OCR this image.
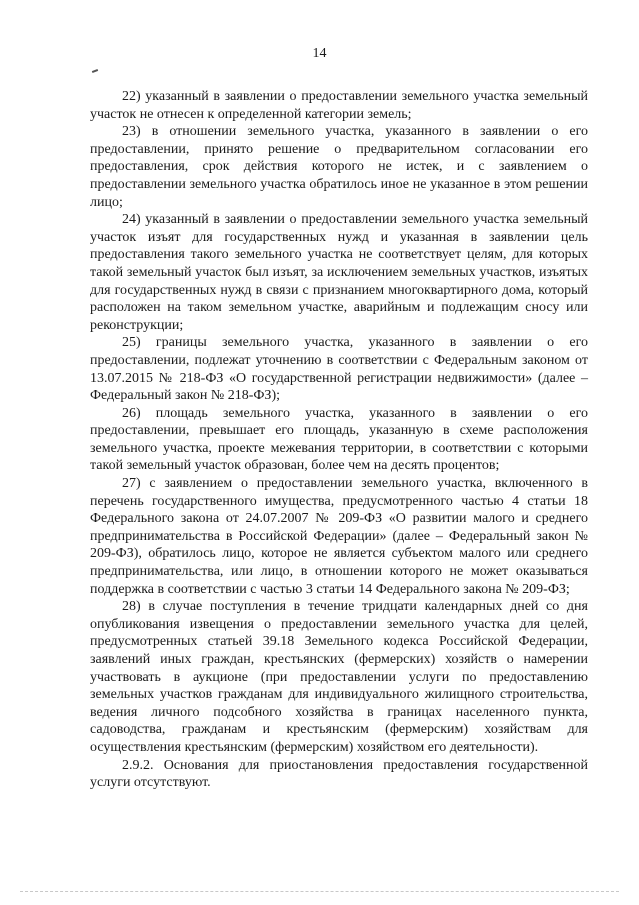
14

22) указанный в заявлении о предоставлении земельного участка земельный участок не отнесен к определенной категории земель;

23) в отношении земельного участка, указанного в заявлении о его предоставлении, принято решение о предварительном согласовании его предоставления, срок действия которого не истек, и с заявлением о предоставлении земельного участка обратилось иное не указанное в этом решении лицо;

24) указанный в заявлении о предоставлении земельного участка земельный участок изъят для государственных нужд и указанная в заявлении цель предоставления такого земельного участка не соответствует целям, для которых такой земельный участок был изъят, за исключением земельных участков, изъятых для государственных нужд в связи с признанием многоквартирного дома, который расположен на таком земельном участке, аварийным и подлежащим сносу или реконструкции;

25) границы земельного участка, указанного в заявлении о его предоставлении, подлежат уточнению в соответствии с Федеральным законом от 13.07.2015 № 218-ФЗ «О государственной регистрации недвижимости» (далее – Федеральный закон № 218-ФЗ);

26) площадь земельного участка, указанного в заявлении о его предоставлении, превышает его площадь, указанную в схеме расположения земельного участка, проекте межевания территории, в соответствии с которыми такой земельный участок образован, более чем на десять процентов;

27) с заявлением о предоставлении земельного участка, включенного в перечень государственного имущества, предусмотренного частью 4 статьи 18 Федерального закона от 24.07.2007 № 209-ФЗ «О развитии малого и среднего предпринимательства в Российской Федерации» (далее – Федеральный закон № 209-ФЗ), обратилось лицо, которое не является субъектом малого или среднего предпринимательства, или лицо, в отношении которого не может оказываться поддержка в соответствии с частью 3 статьи 14 Федерального закона № 209-ФЗ;

28) в случае поступления в течение тридцати календарных дней со дня опубликования извещения о предоставлении земельного участка для целей, предусмотренных статьей 39.18 Земельного кодекса Российской Федерации, заявлений иных граждан, крестьянских (фермерских) хозяйств о намерении участвовать в аукционе (при предоставлении услуги по предоставлению земельных участков гражданам для индивидуального жилищного строительства, ведения личного подсобного хозяйства в границах населенного пункта, садоводства, гражданам и крестьянским (фермерским) хозяйствам для осуществления крестьянским (фермерским) хозяйством его деятельности).

2.9.2. Основания для приостановления предоставления государственной услуги отсутствуют.
